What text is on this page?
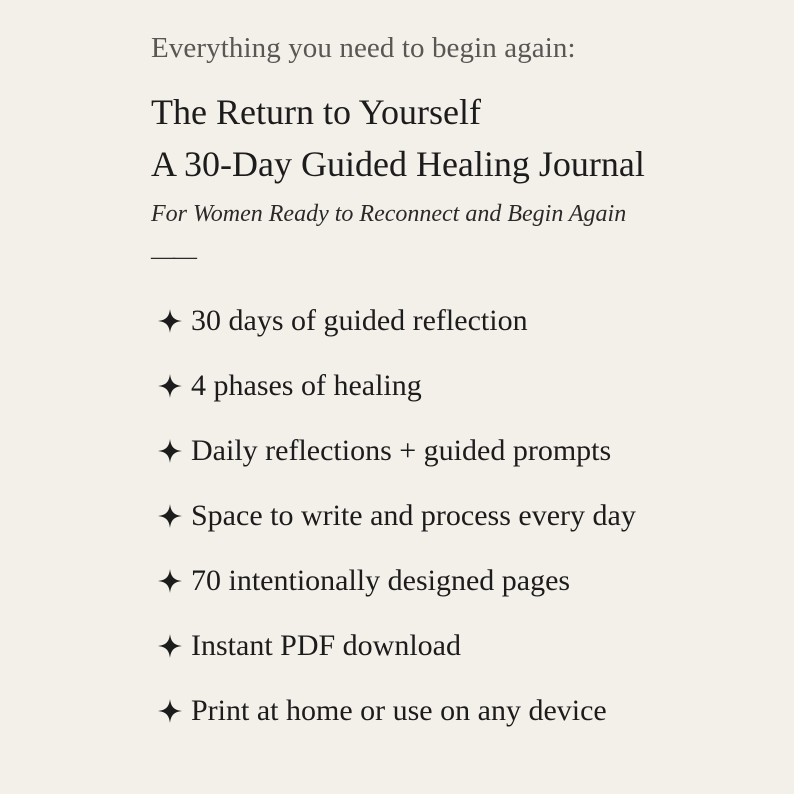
Everything you need to begin again:

The Return to Yourself
A 30-Day Guided Healing Journal

For Women Ready to Reconnect and Begin Again

——
30 days of guided reflection
4 phases of healing
Daily reflections + guided prompts
Space to write and process every day
70 intentionally designed pages
Instant PDF download
Print at home or use on any device
